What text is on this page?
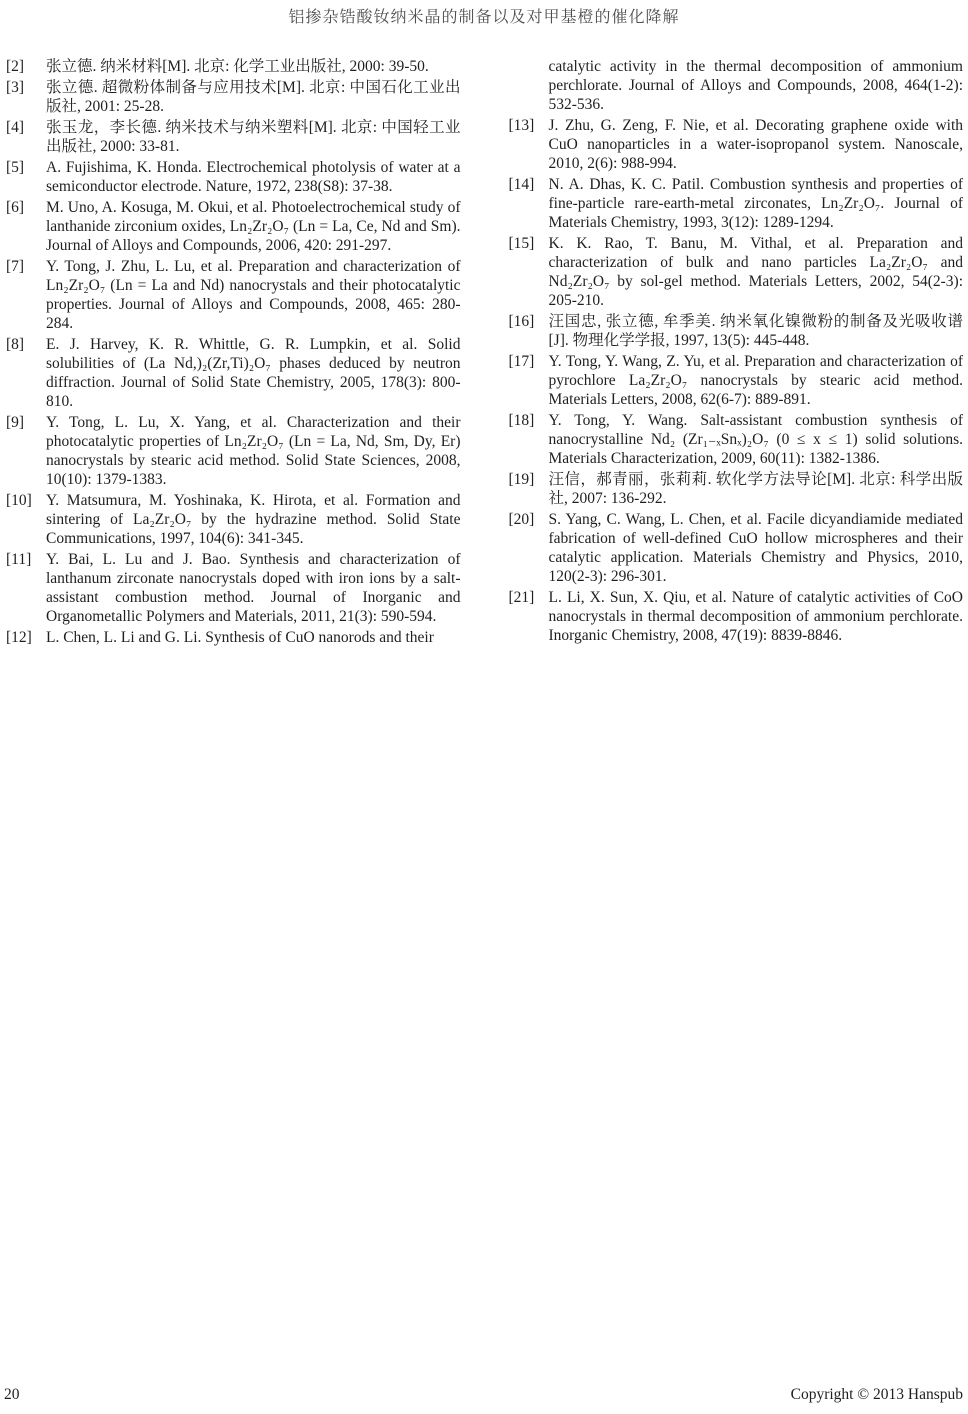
铝掺杂锆酸钕纳米晶的制备以及对甲基橙的催化降解
[2]	张立德. 纳米材料[M]. 北京: 化学工业出版社, 2000: 39-50.

[3]	张立德. 超微粉体制备与应用技术[M]. 北京: 中国石化工业出版社, 2001: 25-28.

[4]	张玉龙，李长德. 纳米技术与纳米塑料[M]. 北京: 中国轻工业出版社, 2000: 33-81.

[5]	A. Fujishima, K. Honda. Electrochemical photolysis of water at a semiconductor electrode. Nature, 1972, 238(S8): 37-38.

[6]	M. Uno, A. Kosuga, M. Okui, et al. Photoelectrochemical study of lanthanide zirconium oxides, Ln₂Zr₂O₇ (Ln = La, Ce, Nd and Sm). Journal of Alloys and Compounds, 2006, 420: 291-297.

[7]	Y. Tong, J. Zhu, L. Lu, et al. Preparation and characterization of Ln₂Zr₂O₇ (Ln = La and Nd) nanocrystals and their photocatalytic properties. Journal of Alloys and Compounds, 2008, 465: 280-284.

[8]	E. J. Harvey, K. R. Whittle, G. R. Lumpkin, et al. Solid solubilities of (La Nd,)₂(Zr,Ti)₂O₇ phases deduced by neutron diffraction. Journal of Solid State Chemistry, 2005, 178(3): 800-810.

[9]	Y. Tong, L. Lu, X. Yang, et al. Characterization and their photocatalytic properties of Ln₂Zr₂O₇ (Ln = La, Nd, Sm, Dy, Er) nanocrystals by stearic acid method. Solid State Sciences, 2008, 10(10): 1379-1383.

[10] Y. Matsumura, M. Yoshinaka, K. Hirota, et al. Formation and sintering of La₂Zr₂O₇ by the hydrazine method. Solid State Communications, 1997, 104(6): 341-345.

[11] Y. Bai, L. Lu and J. Bao. Synthesis and characterization of lanthanum zirconate nanocrystals doped with iron ions by a salt-assistant combustion method. Journal of Inorganic and Organometallic Polymers and Materials, 2011, 21(3): 590-594.

[12] L. Chen, L. Li and G. Li. Synthesis of CuO nanorods and their

catalytic activity in the thermal decomposition of ammonium perchlorate. Journal of Alloys and Compounds, 2008, 464(1-2): 532-536.

[13] J. Zhu, G. Zeng, F. Nie, et al. Decorating graphene oxide with CuO nanoparticles in a water-isopropanol system. Nanoscale, 2010, 2(6): 988-994.

[14] N. A. Dhas, K. C. Patil. Combustion synthesis and properties of fine-particle rare-earth-metal zirconates, Ln₂Zr₂O₇. Journal of Materials Chemistry, 1993, 3(12): 1289-1294.

[15] K. K. Rao, T. Banu, M. Vithal, et al. Preparation and characterization of bulk and nano particles La₂Zr₂O₇ and Nd₂Zr₂O₇ by sol-gel method. Materials Letters, 2002, 54(2-3): 205-210.

[16] 汪国忠, 张立德, 牟季美. 纳米氧化镍微粉的制备及光吸收谱[J]. 物理化学学报, 1997, 13(5): 445-448.

[17] Y. Tong, Y. Wang, Z. Yu, et al. Preparation and characterization of pyrochlore La₂Zr₂O₇ nanocrystals by stearic acid method. Materials Letters, 2008, 62(6-7): 889-891.

[18] Y. Tong, Y. Wang. Salt-assistant combustion synthesis of nanocrystalline Nd₂ (Zr₁₋ₓSnₓ)₂O₇ (0 ≤ x ≤ 1) solid solutions. Materials Characterization, 2009, 60(11): 1382-1386.

[19] 汪信，郝青丽，张莉莉. 软化学方法导论[M]. 北京: 科学出版社, 2007: 136-292.

[20] S. Yang, C. Wang, L. Chen, et al. Facile dicyandiamide mediated fabrication of well-defined CuO hollow microspheres and their catalytic application. Materials Chemistry and Physics, 2010, 120(2-3): 296-301.

[21] L. Li, X. Sun, X. Qiu, et al. Nature of catalytic activities of CoO nanocrystals in thermal decomposition of ammonium perchlorate. Inorganic Chemistry, 2008, 47(19): 8839-8846.

20	Copyright © 2013 Hanspub
